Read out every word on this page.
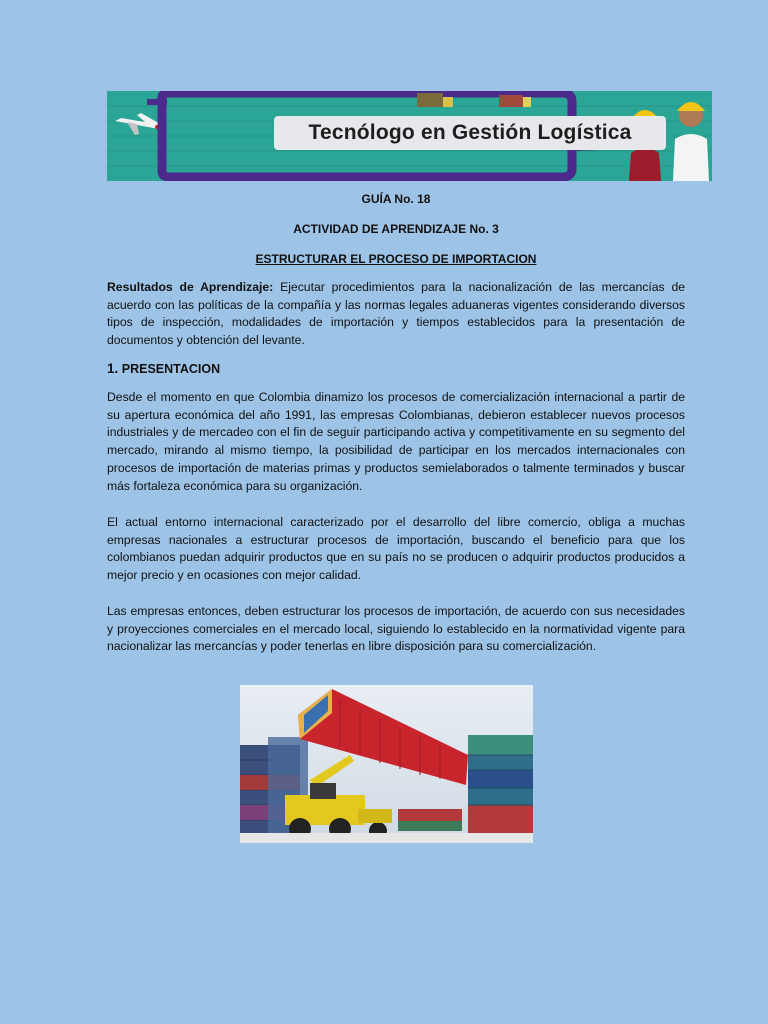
Tecnólogo en Gestión Logística
GUÍA No. 18
ACTIVIDAD DE APRENDIZAJE No. 3
ESTRUCTURAR EL PROCESO DE IMPORTACION
Resultados de Aprendizaje: Ejecutar procedimientos para la nacionalización de las mercancías de acuerdo con las políticas de la compañía y las normas legales aduaneras vigentes considerando diversos tipos de inspección, modalidades de importación y tiempos establecidos para la presentación de documentos y obtención del levante.
1. PRESENTACION
Desde el momento en que Colombia dinamizo los procesos de comercialización internacional a partir de su apertura económica del año 1991, las empresas Colombianas, debieron establecer nuevos procesos industriales y de mercadeo con el fin de seguir participando activa y competitivamente en su segmento del mercado, mirando al mismo tiempo, la posibilidad de participar en los mercados internacionales con procesos de importación de materias primas y productos semielaborados o talmente terminados y buscar más fortaleza económica para su organización.
El actual entorno internacional caracterizado por el desarrollo del libre comercio, obliga a muchas empresas nacionales a estructurar procesos de importación, buscando el beneficio para que los colombianos puedan adquirir productos que en su país no se producen o adquirir productos producidos a mejor precio y en ocasiones con mejor calidad.
Las empresas entonces, deben estructurar los procesos de importación, de acuerdo con sus necesidades y proyecciones comerciales en el mercado local, siguiendo lo establecido en la normatividad vigente para nacionalizar las mercancías y poder tenerlas en libre disposición para su comercialización.
